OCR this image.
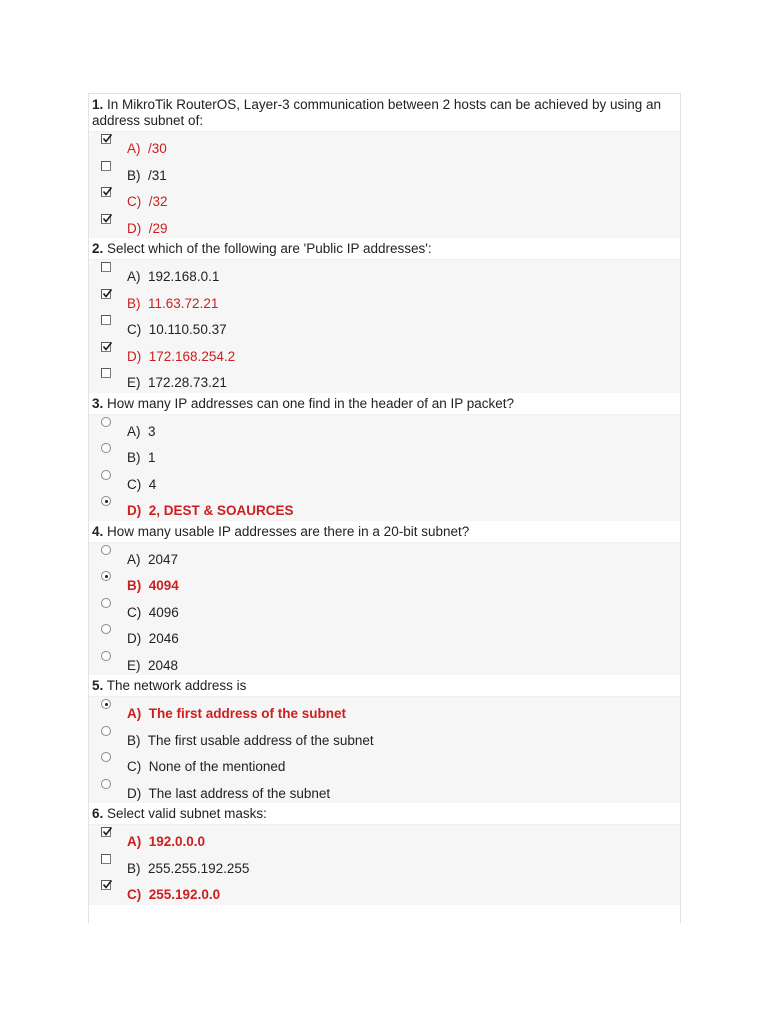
1. In MikroTik RouterOS, Layer-3 communication between 2 hosts can be achieved by using an address subnet of:
A) /30
B) /31
C) /32
D) /29
2. Select which of the following are 'Public IP addresses':
A) 192.168.0.1
B) 11.63.72.21
C) 10.110.50.37
D) 172.168.254.2
E) 172.28.73.21
3. How many IP addresses can one find in the header of an IP packet?
A) 3
B) 1
C) 4
D) 2, DEST & SOAURCES
4. How many usable IP addresses are there in a 20-bit subnet?
A) 2047
B) 4094
C) 4096
D) 2046
E) 2048
5. The network address is
A) The first address of the subnet
B) The first usable address of the subnet
C) None of the mentioned
D) The last address of the subnet
6. Select valid subnet masks:
A) 192.0.0.0
B) 255.255.192.255
C) 255.192.0.0
